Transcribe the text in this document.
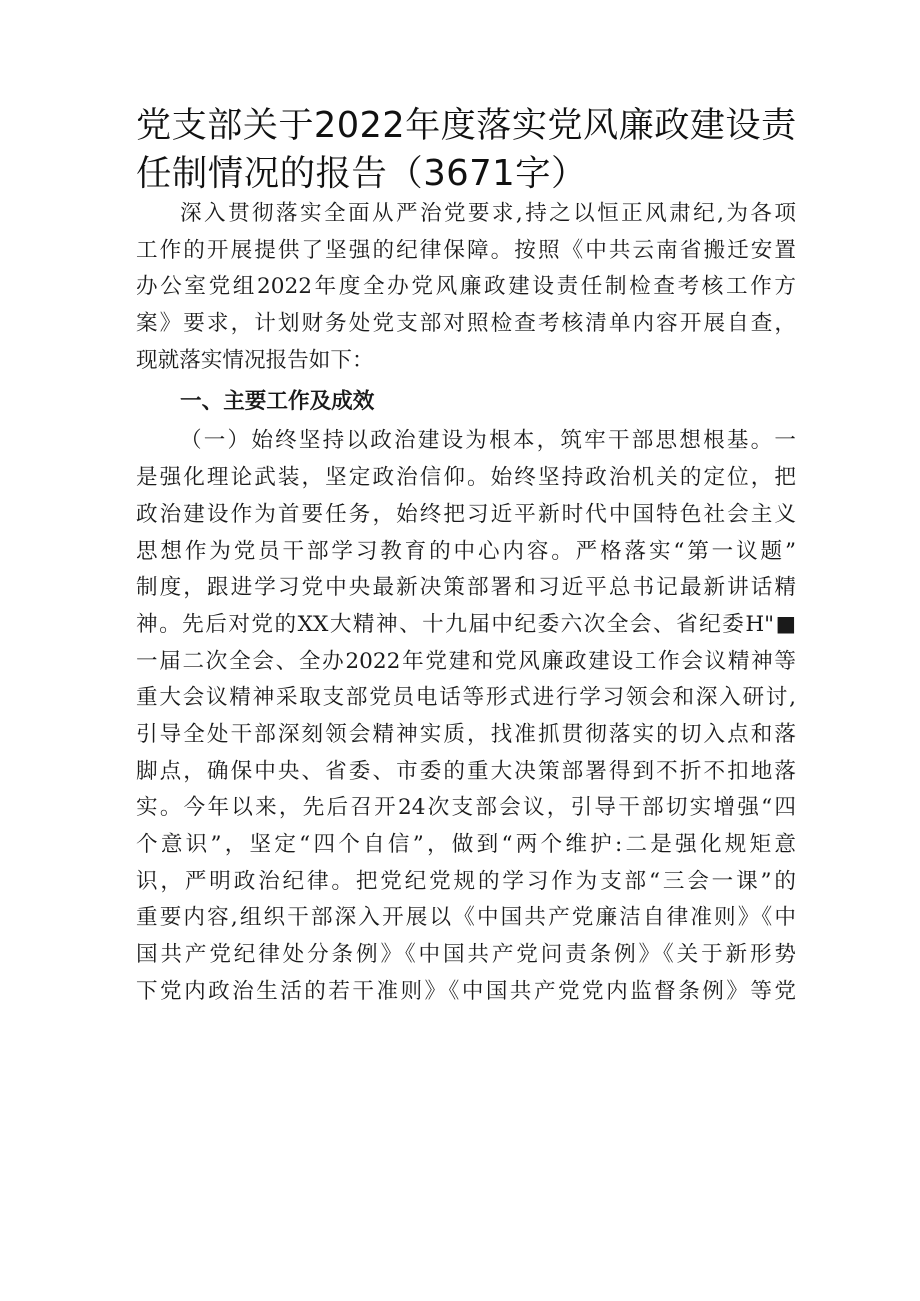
党支部关于2022年度落实党风廉政建设责
任制情况的报告（3671字）
深入贯彻落实全面从严治党要求,持之以恒正风肃纪,为各项
工作的开展提供了坚强的纪律保障。按照《中共云南省搬迁安置
办公室党组2022年度全办党风廉政建设责任制检查考核工作方
案》要求，计划财务处党支部对照检查考核清单内容开展自查，
现就落实情况报告如下：
一、主要工作及成效
（一）始终坚持以政治建设为根本，筑牢干部思想根基。一
是强化理论武装，坚定政治信仰。始终坚持政治机关的定位，把
政治建设作为首要任务，始终把习近平新时代中国特色社会主义
思想作为党员干部学习教育的中心内容。严格落实“第一议题”
制度，跟进学习党中央最新决策部署和习近平总书记最新讲话精
神。先后对党的XX大精神、十九届中纪委六次全会、省纪委H"■
一届二次全会、全办2022年党建和党风廉政建设工作会议精神等
重大会议精神采取支部党员电话等形式进行学习领会和深入研讨,
引导全处干部深刻领会精神实质，找准抓贯彻落实的切入点和落
脚点，确保中央、省委、市委的重大决策部署得到不折不扣地落
实。今年以来，先后召开24次支部会议，引导干部切实增强“四
个意识”，坚定“四个自信”，做到“两个维护:二是强化规矩意
识，严明政治纪律。把党纪党规的学习作为支部“三会一课”的
重要内容,组织干部深入开展以《中国共产党廉洁自律准则》《中
国共产党纪律处分条例》《中国共产党问责条例》《关于新形势
下党内政治生活的若干准则》《中国共产党党内监督条例》等党
